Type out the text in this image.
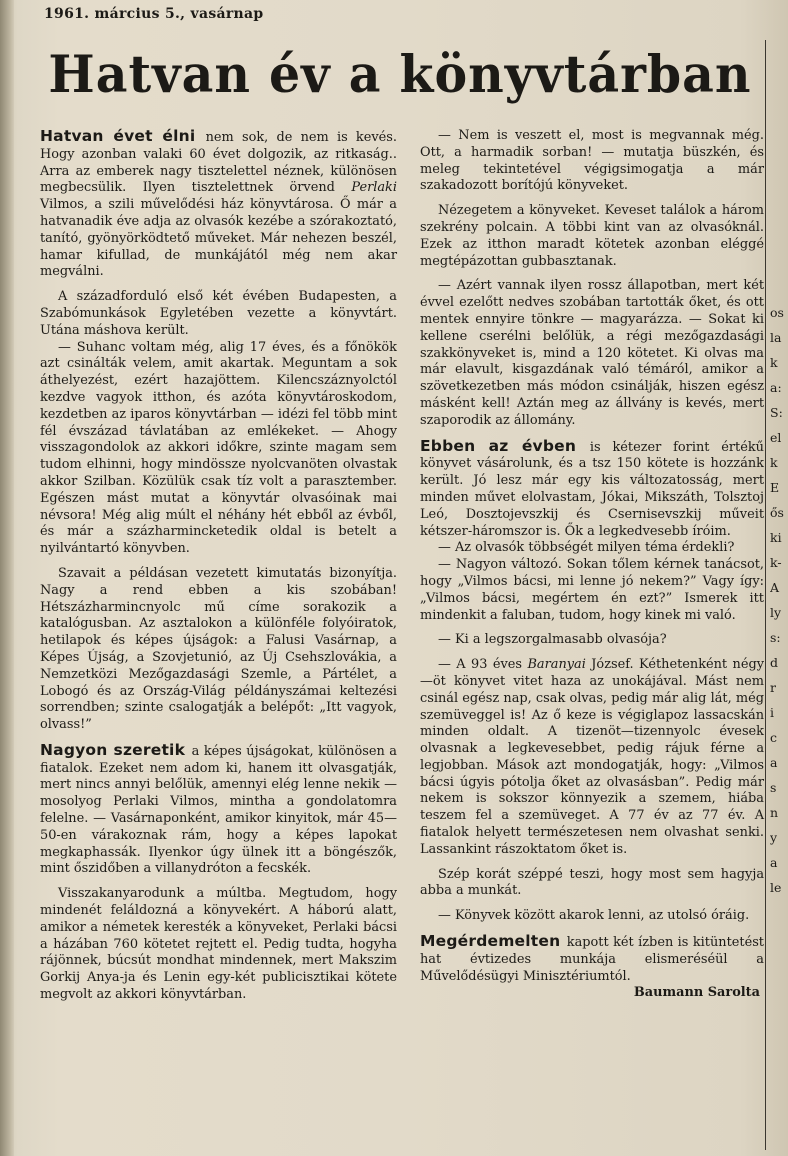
1961. március 5., vasárnap
Hatvan év a könyvtárban

Hatvan évet élni nem sok, de nem is kevés. Hogy azonban valaki 60 évet dolgozik, az ritkaság.. Arra az emberek nagy tisztelettel néznek, különösen megbecsülik. Ilyen tisztelettnek örvend Perlaki Vilmos, a szili művelődési ház könyvtárosa. Ő már a hatvanadik éve adja az olvasók kezébe a szórakoztató, tanító, gyönyörködtető műveket. Már nehezen beszél, hamar kifullad, de munkájától még nem akar megválni.

A századforduló első két évében Budapesten, a Szabómunkások Egyletében vezette a könyvtárt. Utána máshova került.

— Suhanc voltam még, alig 17 éves, és a főnökök azt csinálták velem, amit akartak. Meguntam a sok áthelyezést, ezért hazajöttem. Kilencszáznyolctól kezdve vagyok itthon, és azóta könyvtároskodom, kezdetben az iparos könyvtárban — idézi fel több mint fél évszázad távlatában az emlékeket. — Ahogy visszagondolok az akkori időkre, szinte magam sem tudom elhinni, hogy mindössze nyolcvanöten olvastak akkor Szilban. Közülük csak tíz volt a parasztember. Egészen mást mutat a könyvtár olvasóinak mai névsora! Még alig múlt el néhány hét ebből az évből, és már a százharmincketedik oldal is betelt a nyilvántartó könyvben.

Szavait a példásan vezetett kimutatás bizonyítja. Nagy a rend ebben a kis szobában! Hétszázharmincnyolc mű címe sorakozik a katalógusban. Az asztalokon a különféle folyóiratok, hetilapok és képes újságok: a Falusi Vasárnap, a Képes Újság, a Szovjetunió, az Új Csehszlovákia, a Nemzetközi Mezőgazdasági Szemle, a Pártélet, a Lobogó és az Ország-Világ példányszámai keltezési sorrendben; szinte csalogatják a belépőt: „Itt vagyok, olvass!”

Nagyon szeretik a képes újságokat, különösen a fiatalok. Ezeket nem adom ki, hanem itt olvasgatják, mert nincs annyi belőlük, amennyi elég lenne nekik — mosolyog Perlaki Vilmos, mintha a gondolatomra felelne. — Vasárnaponként, amikor kinyitok, már 45—50-en várakoznak rám, hogy a képes lapokat megkaphassák. Ilyenkor úgy ülnek itt a böngészők, mint őszidőben a villanydróton a fecskék.

Visszakanyarodunk a múltba. Megtudom, hogy mindenét feláldozná a könyvekért. A háború alatt, amikor a németek keresték a könyveket, Perlaki bácsi a házában 760 kötetet rejtett el. Pedig tudta, hogyha rájönnek, búcsút mondhat mindennek, mert Makszim Gorkij Anya-ja és Lenin egy-két publicisztikai kötete megvolt az akkori könyvtárban.

— Nem is veszett el, most is megvannak még. Ott, a harmadik sorban! — mutatja büszkén, és meleg tekintetével végigsimogatja a már szakadozott borítójú könyveket.

Nézegetem a könyveket. Keveset találok a három szekrény polcain. A többi kint van az olvasóknál. Ezek az itthon maradt kötetek azonban eléggé megtépázottan gubbasztanak.

— Azért vannak ilyen rossz állapotban, mert két évvel ezelőtt nedves szobában tartották őket, és ott mentek ennyire tönkre — magyarázza. — Sokat ki kellene cserélni belőlük, a régi mezőgazdasági szakkönyveket is, mind a 120 kötetet. Ki olvas ma már elavult, kisgazdának való témáról, amikor a szövetkezetben más módon csinálják, hiszen egész másként kell! Aztán meg az állvány is kevés, mert szaporodik az állomány.

Ebben az évben is kétezer forint értékű könyvet vásárolunk, és a tsz 150 kötete is hozzánk került. Jó lesz már egy kis változatosság, mert minden művet elolvastam, Jókai, Mikszáth, Tolsztoj Leó, Dosztojevszkij és Csernisevszkij műveit kétszer-háromszor is. Ők a legkedvesebb íróim.

— Az olvasók többségét milyen téma érdekli?

— Nagyon változó. Sokan tőlem kérnek tanácsot, hogy „Vilmos bácsi, mi lenne jó nekem?” Vagy így: „Vilmos bácsi, megértem én ezt?” Ismerek itt mindenkit a faluban, tudom, hogy kinek mi való.

— Ki a legszorgalmasabb olvasója?

— A 93 éves Baranyai József. Kéthetenként négy—öt könyvet vitet haza az unokájával. Mást nem csinál egész nap, csak olvas, pedig már alig lát, még szemüveggel is! Az ő keze is végiglapoz lassacskán minden oldalt. A tizenöt—tizennyolc évesek olvasnak a legkevesebbet, pedig rájuk férne a legjobban. Mások azt mondogatják, hogy: „Vilmos bácsi úgyis pótolja őket az olvasásban”. Pedig már nekem is sokszor könnyezik a szemem, hiába teszem fel a szemüveget. A 77 év az 77 év. A fiatalok helyett természetesen nem olvashat senki. Lassankint rászoktatom őket is.

Szép korát széppé teszi, hogy most sem hagyja abba a munkát.

— Könyvek között akarok lenni, az utolsó óráig.

Megérdemelten kapott két ízben is kitüntetést hat évtizedes munkája elismeréséül a Művelődésügyi Minisztériumtól.

Baumann Sarolta

os
la
k
a:
S:
el
k
E
ős
ki
k-
A
ly
s:
d
r
i
c
a
s
n
y
a
le
